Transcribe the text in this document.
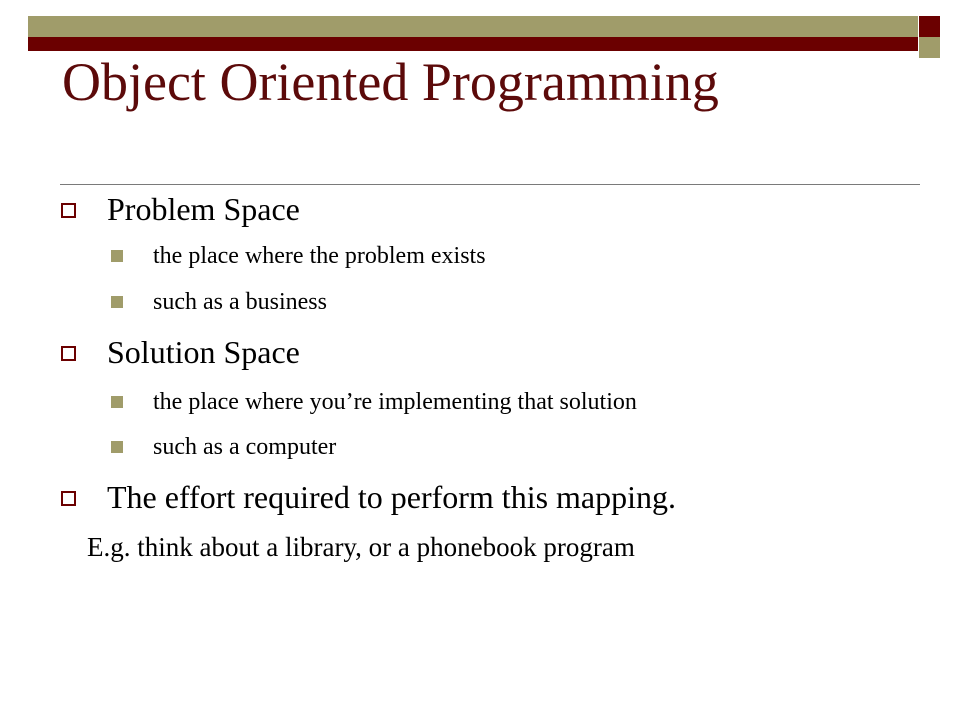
Object Oriented Programming
Problem Space
the place where the problem exists
such as a business
Solution Space
the place where you’re implementing that solution
such as a computer
The effort required to perform this mapping.
E.g. think about a library, or a phonebook program
